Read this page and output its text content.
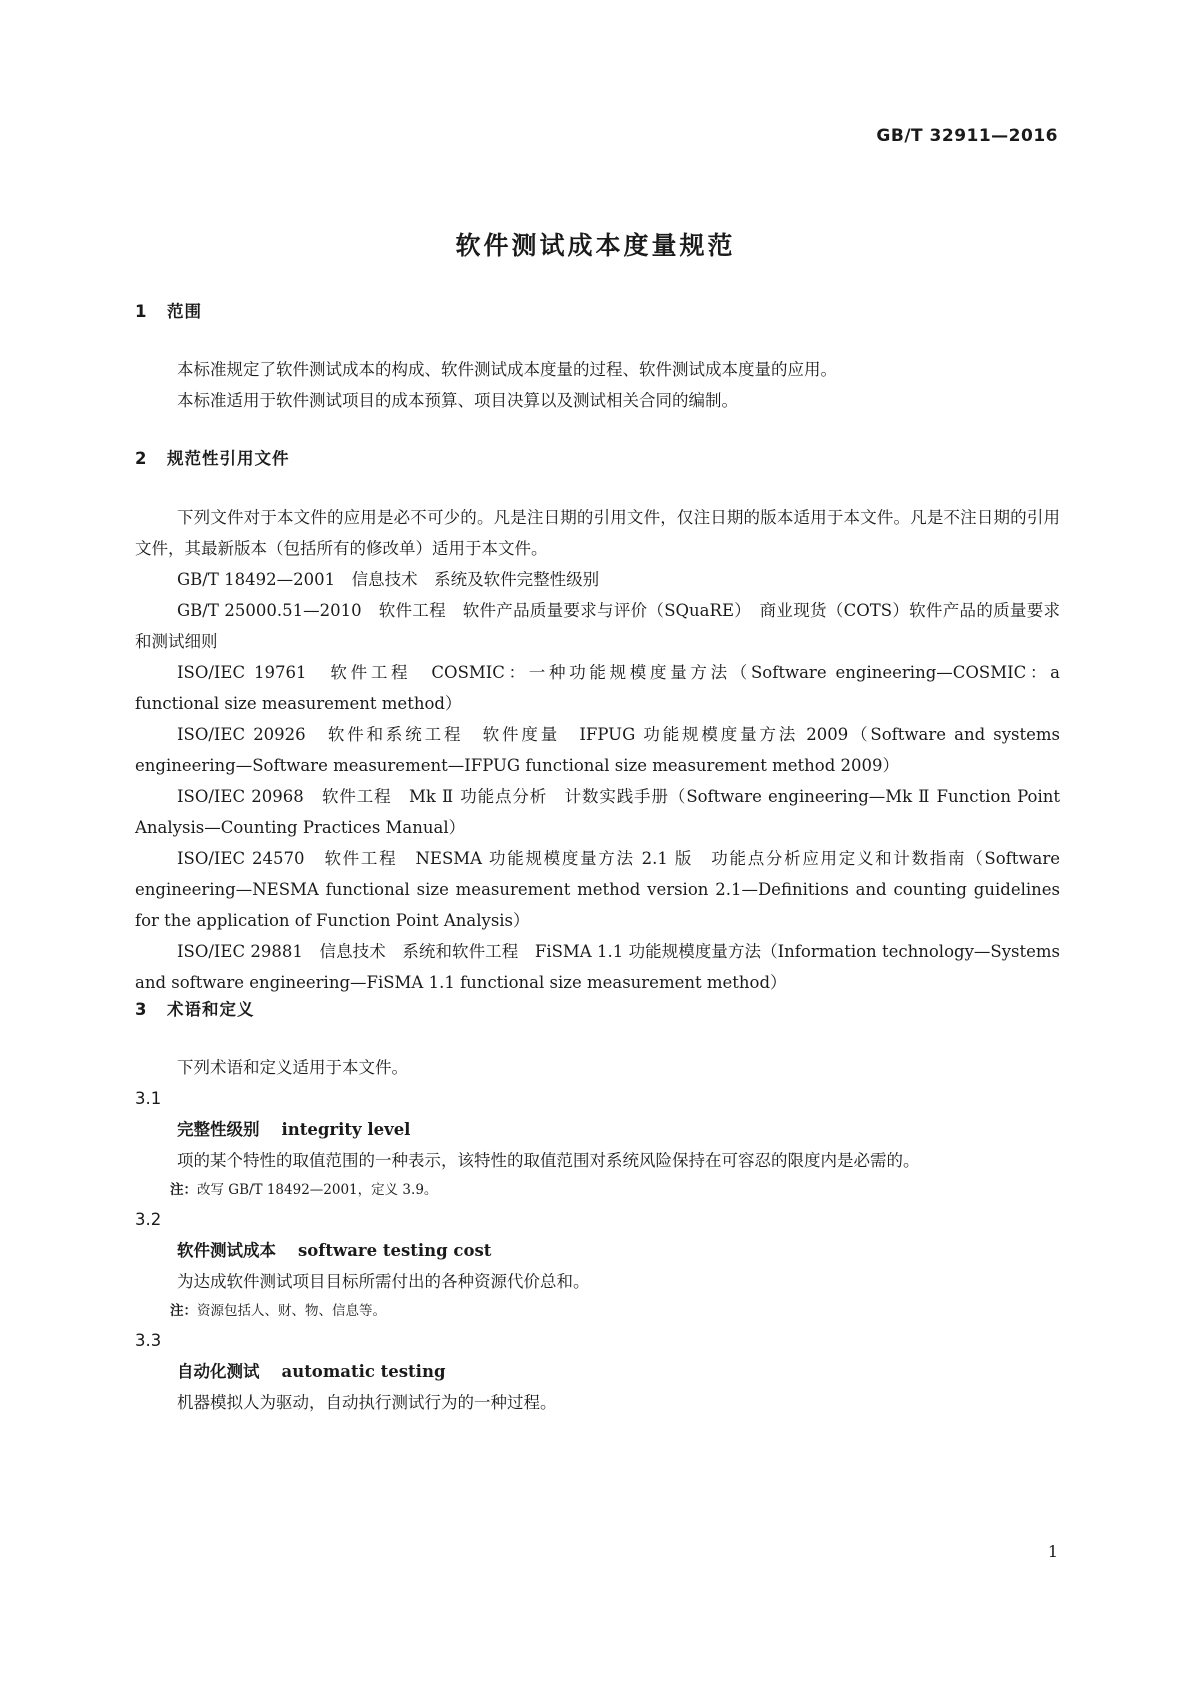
GB/T 32911—2016
软件测试成本度量规范
1 范围

本标准规定了软件测试成本的构成、软件测试成本度量的过程、软件测试成本度量的应用。

本标准适用于软件测试项目的成本预算、项目决算以及测试相关合同的编制。

2 规范性引用文件

下列文件对于本文件的应用是必不可少的。凡是注日期的引用文件，仅注日期的版本适用于本文件。凡是不注日期的引用文件，其最新版本（包括所有的修改单）适用于本文件。

GB/T 18492—2001　信息技术　系统及软件完整性级别

GB/T 25000.51—2010　软件工程　软件产品质量要求与评价（SQuaRE）　商业现货（COTS）软件产品的质量要求和测试细则

ISO/IEC 19761　软件工程　COSMIC：一种功能规模度量方法（Software engineering—COSMIC：a functional size measurement method）

ISO/IEC 20926　软件和系统工程　软件度量　IFPUG 功能规模度量方法 2009（Software and systems engineering—Software measurement—IFPUG functional size measurement method 2009）

ISO/IEC 20968　软件工程　Mk Ⅱ 功能点分析　计数实践手册（Software engineering—Mk Ⅱ Function Point Analysis—Counting Practices Manual）

ISO/IEC 24570　软件工程　NESMA 功能规模度量方法 2.1 版　功能点分析应用定义和计数指南（Software engineering—NESMA functional size measurement method version 2.1—Definitions and counting guidelines for the application of Function Point Analysis）

ISO/IEC 29881　信息技术　系统和软件工程　FiSMA 1.1 功能规模度量方法（Information technology—Systems and software engineering—FiSMA 1.1 functional size measurement method）

3 术语和定义

下列术语和定义适用于本文件。

3.1
完整性级别 integrity level

项的某个特性的取值范围的一种表示，该特性的取值范围对系统风险保持在可容忍的限度内是必需的。

注：改写 GB/T 18492—2001，定义 3.9。
3.2
软件测试成本 software testing cost

为达成软件测试项目目标所需付出的各种资源代价总和。

注：资源包括人、财、物、信息等。
3.3
自动化测试 automatic testing

机器模拟人为驱动，自动执行测试行为的一种过程。

1
